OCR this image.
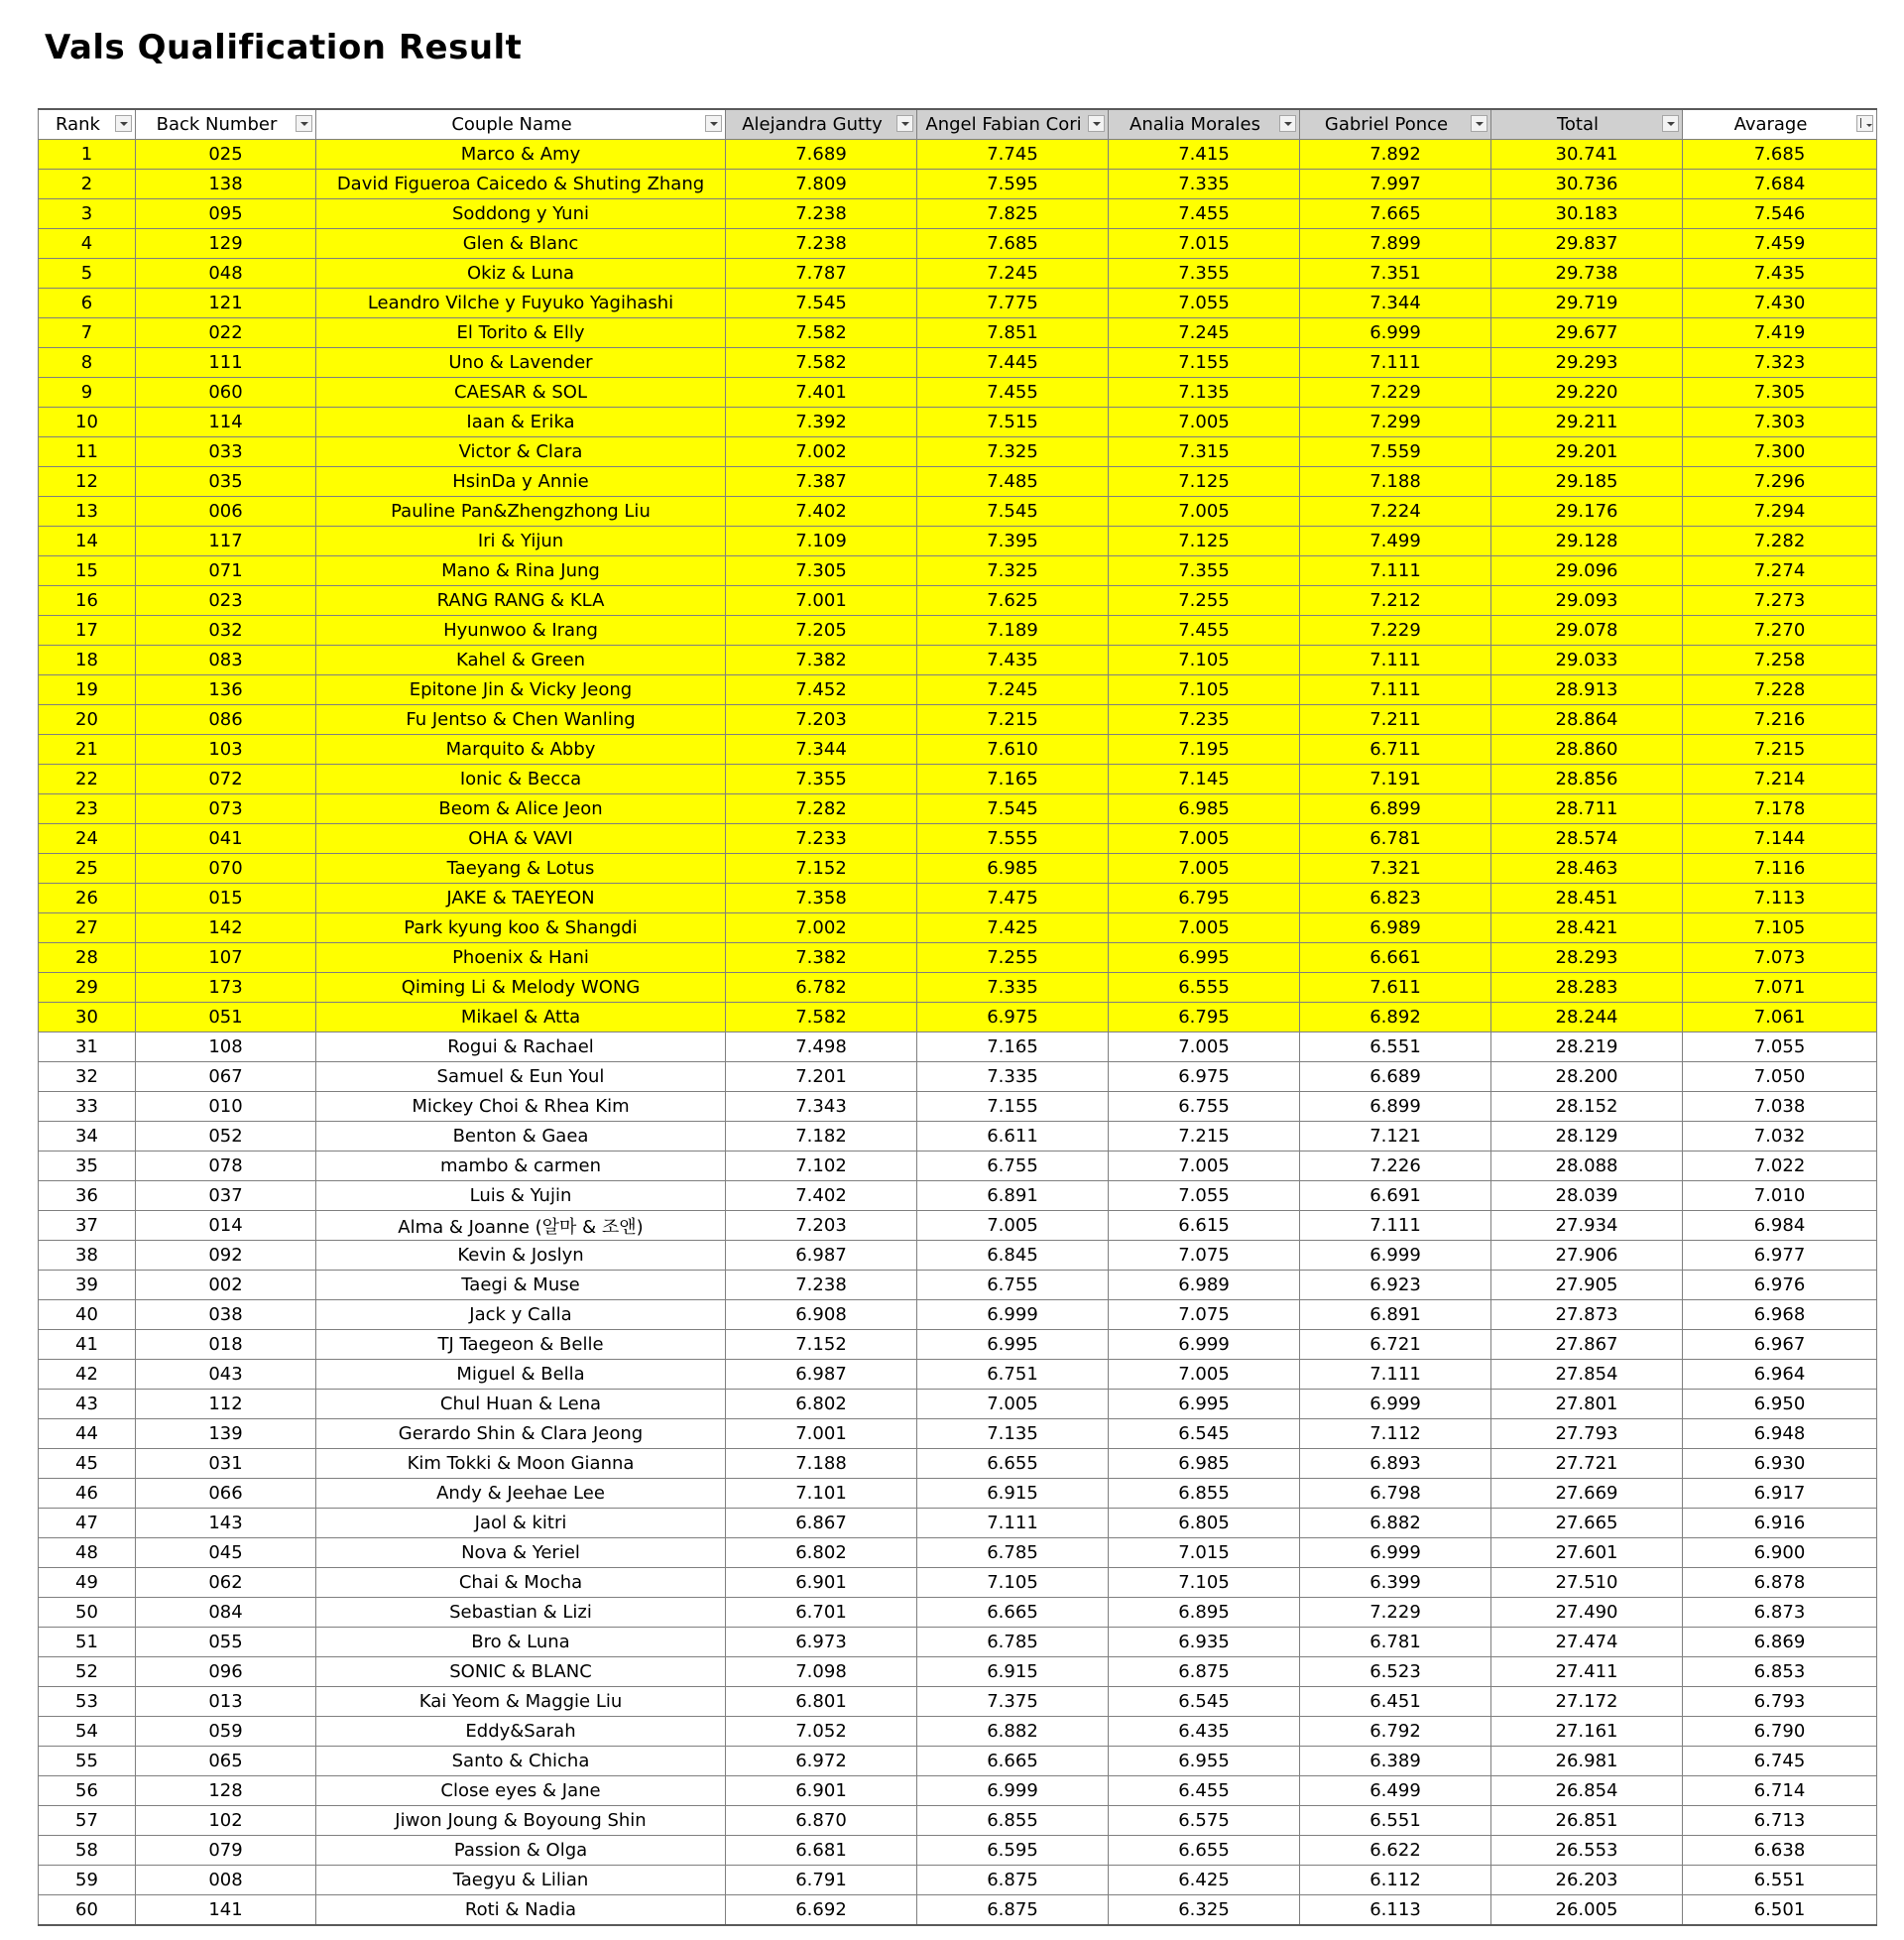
Vals Qualification Result
Rank	Back Number	Couple Name	Alejandra Gutty	Angel Fabian Cori	Analia Morales	Gabriel Ponce	Total	Avarage

1	025	Marco & Amy	7.689	7.745	7.415	7.892	30.741	7.685
2	138	David Figueroa Caicedo & Shuting Zhang	7.809	7.595	7.335	7.997	30.736	7.684
3	095	Soddong y Yuni	7.238	7.825	7.455	7.665	30.183	7.546
4	129	Glen & Blanc	7.238	7.685	7.015	7.899	29.837	7.459
5	048	Okiz & Luna	7.787	7.245	7.355	7.351	29.738	7.435
6	121	Leandro Vilche y Fuyuko Yagihashi	7.545	7.775	7.055	7.344	29.719	7.430
7	022	El Torito & Elly	7.582	7.851	7.245	6.999	29.677	7.419
8	111	Uno & Lavender	7.582	7.445	7.155	7.111	29.293	7.323
9	060	CAESAR & SOL	7.401	7.455	7.135	7.229	29.220	7.305
10	114	Iaan & Erika	7.392	7.515	7.005	7.299	29.211	7.303
11	033	Victor & Clara	7.002	7.325	7.315	7.559	29.201	7.300
12	035	HsinDa y Annie	7.387	7.485	7.125	7.188	29.185	7.296
13	006	Pauline Pan&Zhengzhong Liu	7.402	7.545	7.005	7.224	29.176	7.294
14	117	Iri & Yijun	7.109	7.395	7.125	7.499	29.128	7.282
15	071	Mano & Rina Jung	7.305	7.325	7.355	7.111	29.096	7.274
16	023	RANG RANG & KLA	7.001	7.625	7.255	7.212	29.093	7.273
17	032	Hyunwoo & Irang	7.205	7.189	7.455	7.229	29.078	7.270
18	083	Kahel & Green	7.382	7.435	7.105	7.111	29.033	7.258
19	136	Epitone Jin & Vicky Jeong	7.452	7.245	7.105	7.111	28.913	7.228
20	086	Fu Jentso & Chen Wanling	7.203	7.215	7.235	7.211	28.864	7.216
21	103	Marquito & Abby	7.344	7.610	7.195	6.711	28.860	7.215
22	072	Ionic & Becca	7.355	7.165	7.145	7.191	28.856	7.214
23	073	Beom & Alice Jeon	7.282	7.545	6.985	6.899	28.711	7.178
24	041	OHA & VAVI	7.233	7.555	7.005	6.781	28.574	7.144
25	070	Taeyang & Lotus	7.152	6.985	7.005	7.321	28.463	7.116
26	015	JAKE & TAEYEON	7.358	7.475	6.795	6.823	28.451	7.113
27	142	Park kyung koo & Shangdi	7.002	7.425	7.005	6.989	28.421	7.105
28	107	Phoenix & Hani	7.382	7.255	6.995	6.661	28.293	7.073
29	173	Qiming Li & Melody WONG	6.782	7.335	6.555	7.611	28.283	7.071
30	051	Mikael & Atta	7.582	6.975	6.795	6.892	28.244	7.061
31	108	Rogui & Rachael	7.498	7.165	7.005	6.551	28.219	7.055
32	067	Samuel & Eun Youl	7.201	7.335	6.975	6.689	28.200	7.050
33	010	Mickey Choi & Rhea Kim	7.343	7.155	6.755	6.899	28.152	7.038
34	052	Benton & Gaea	7.182	6.611	7.215	7.121	28.129	7.032
35	078	mambo & carmen	7.102	6.755	7.005	7.226	28.088	7.022
36	037	Luis & Yujin	7.402	6.891	7.055	6.691	28.039	7.010
37	014	Alma & Joanne (알마 & 조앤)	7.203	7.005	6.615	7.111	27.934	6.984
38	092	Kevin & Joslyn	6.987	6.845	7.075	6.999	27.906	6.977
39	002	Taegi & Muse	7.238	6.755	6.989	6.923	27.905	6.976
40	038	Jack y Calla	6.908	6.999	7.075	6.891	27.873	6.968
41	018	TJ Taegeon & Belle	7.152	6.995	6.999	6.721	27.867	6.967
42	043	Miguel & Bella	6.987	6.751	7.005	7.111	27.854	6.964
43	112	Chul Huan & Lena	6.802	7.005	6.995	6.999	27.801	6.950
44	139	Gerardo Shin & Clara Jeong	7.001	7.135	6.545	7.112	27.793	6.948
45	031	Kim Tokki & Moon Gianna	7.188	6.655	6.985	6.893	27.721	6.930
46	066	Andy & Jeehae Lee	7.101	6.915	6.855	6.798	27.669	6.917
47	143	Jaol & kitri	6.867	7.111	6.805	6.882	27.665	6.916
48	045	Nova & Yeriel	6.802	6.785	7.015	6.999	27.601	6.900
49	062	Chai & Mocha	6.901	7.105	7.105	6.399	27.510	6.878
50	084	Sebastian & Lizi	6.701	6.665	6.895	7.229	27.490	6.873
51	055	Bro & Luna	6.973	6.785	6.935	6.781	27.474	6.869
52	096	SONIC & BLANC	7.098	6.915	6.875	6.523	27.411	6.853
53	013	Kai Yeom & Maggie Liu	6.801	7.375	6.545	6.451	27.172	6.793
54	059	Eddy&Sarah	7.052	6.882	6.435	6.792	27.161	6.790
55	065	Santo & Chicha	6.972	6.665	6.955	6.389	26.981	6.745
56	128	Close eyes & Jane	6.901	6.999	6.455	6.499	26.854	6.714
57	102	Jiwon Joung & Boyoung Shin	6.870	6.855	6.575	6.551	26.851	6.713
58	079	Passion & Olga	6.681	6.595	6.655	6.622	26.553	6.638
59	008	Taegyu & Lilian	6.791	6.875	6.425	6.112	26.203	6.551
60	141	Roti & Nadia	6.692	6.875	6.325	6.113	26.005	6.501
